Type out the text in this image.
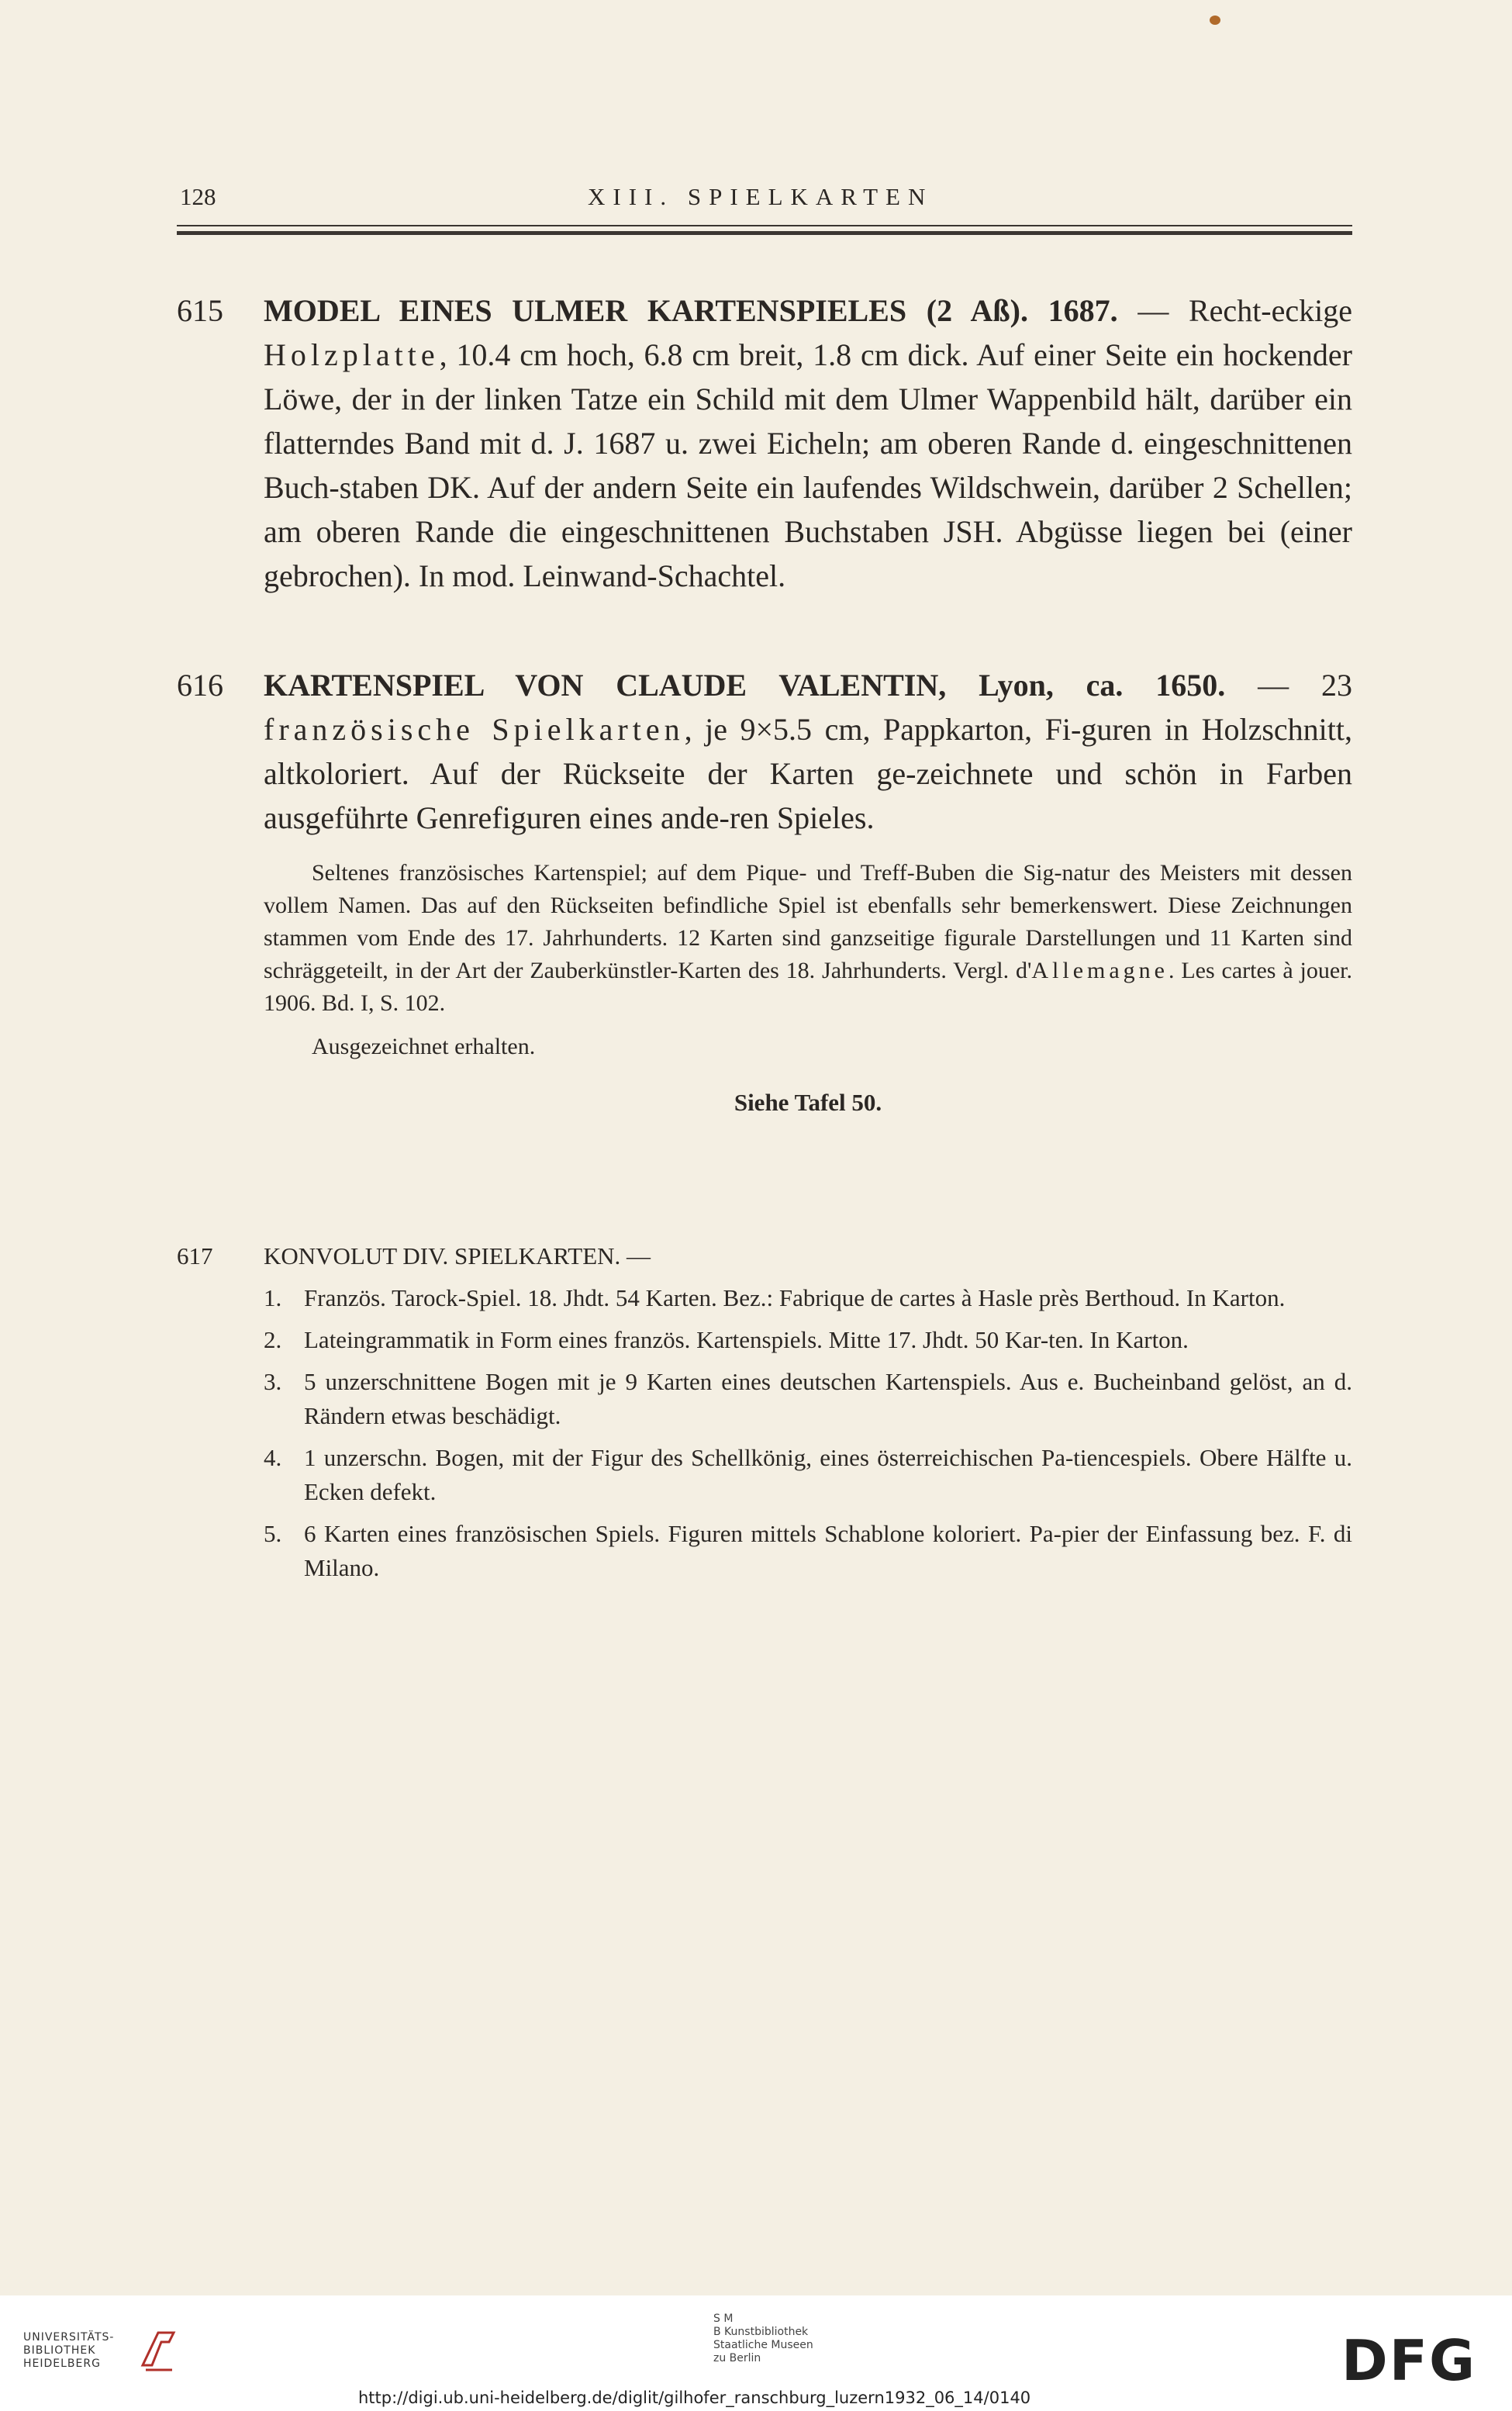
128	XIII. SPIELKARTEN
615 MODEL EINES ULMER KARTENSPIELES (2 Aß). 1687. — Recht-eckige Holzplatte, 10.4 cm hoch, 6.8 cm breit, 1.8 cm dick. Auf einer Seite ein hockender Löwe, der in der linken Tatze ein Schild mit dem Ulmer Wappenbild hält, darüber ein flatterndes Band mit d. J. 1687 u. zwei Eicheln; am oberen Rande d. eingeschnittenen Buch-staben DK. Auf der andern Seite ein laufendes Wildschwein, darüber 2 Schellen; am oberen Rande die eingeschnittenen Buchstaben JSH. Abgüsse liegen bei (einer gebrochen). In mod. Leinwand-Schachtel.
616 KARTENSPIEL VON CLAUDE VALENTIN, Lyon, ca. 1650. — 23 französische Spielkarten, je 9×5.5 cm, Pappkarton, Fi-guren in Holzschnitt, altkoloriert. Auf der Rückseite der Karten ge-zeichnete und schön in Farben ausgeführte Genrefiguren eines ande-ren Spieles.
Seltenes französisches Kartenspiel; auf dem Pique- und Treff-Buben die Sig-natur des Meisters mit dessen vollem Namen. Das auf den Rückseiten befindliche Spiel ist ebenfalls sehr bemerkenswert. Diese Zeichnungen stammen vom Ende des 17. Jahrhunderts. 12 Karten sind ganzseitige figurale Darstellungen und 11 Karten sind schräggeteilt, in der Art der Zauberkünstler-Karten des 18. Jahrhunderts. Vergl. d'Allemagne. Les cartes à jouer. 1906. Bd. I, S. 102.
Ausgezeichnet erhalten.
Siehe Tafel 50.
617 KONVOLUT DIV. SPIELKARTEN. —
1. Französ. Tarock-Spiel. 18. Jhdt. 54 Karten. Bez.: Fabrique de cartes à Hasle près Berthoud. In Karton.
2. Lateingrammatik in Form eines französ. Kartenspiels. Mitte 17. Jhdt. 50 Kar-ten. In Karton.
3. 5 unzerschnittene Bogen mit je 9 Karten eines deutschen Kartenspiels. Aus e. Bucheinband gelöst, an d. Rändern etwas beschädigt.
4. 1 unzerschn. Bogen, mit der Figur des Schellkönig, eines österreichischen Pa-tiencespiels. Obere Hälfte u. Ecken defekt.
5. 6 Karten eines französischen Spiels. Figuren mittels Schablone koloriert. Pa-pier der Einfassung bez. F. di Milano.
UNIVERSITÄTS-
BIBLIOTHEK
HEIDELBERG
S M
B Kunstbibliothek
Staatliche Museen
zu Berlin	DFG
http://digi.ub.uni-heidelberg.de/diglit/gilhofer_ranschburg_luzern1932_06_14/0140
